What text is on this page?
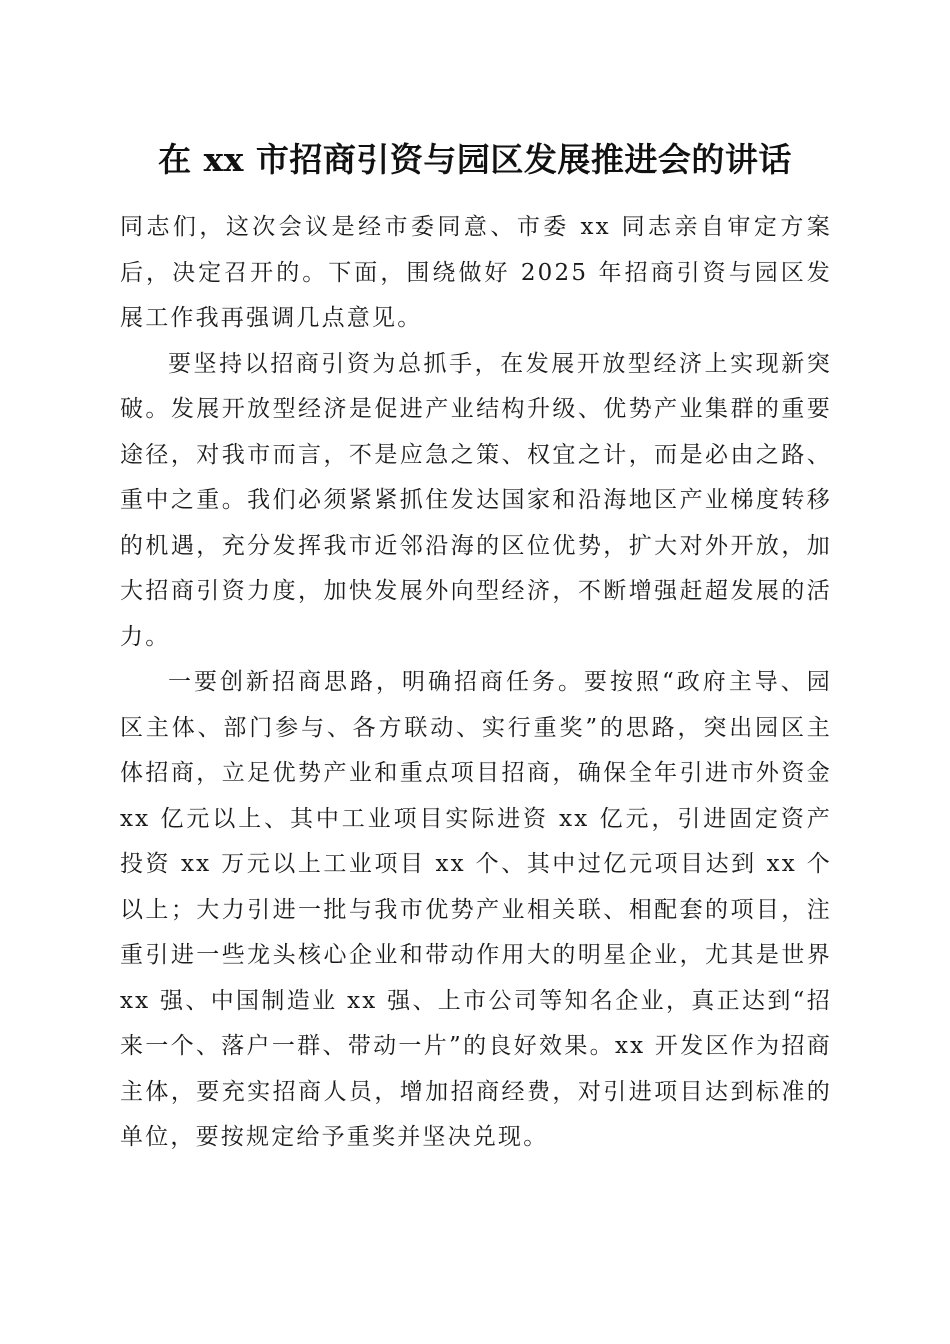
在 xx 市招商引资与园区发展推进会的讲话

同志们，这次会议是经市委同意、市委 xx 同志亲自审定方案后，决定召开的。下面，围绕做好 2025 年招商引资与园区发展工作我再强调几点意见。

要坚持以招商引资为总抓手，在发展开放型经济上实现新突破。发展开放型经济是促进产业结构升级、优势产业集群的重要途径，对我市而言，不是应急之策、权宜之计，而是必由之路、重中之重。我们必须紧紧抓住发达国家和沿海地区产业梯度转移的机遇，充分发挥我市近邻沿海的区位优势，扩大对外开放，加大招商引资力度，加快发展外向型经济，不断增强赶超发展的活力。

一要创新招商思路，明确招商任务。要按照“政府主导、园区主体、部门参与、各方联动、实行重奖”的思路，突出园区主体招商，立足优势产业和重点项目招商，确保全年引进市外资金 xx 亿元以上、其中工业项目实际进资 xx 亿元，引进固定资产投资 xx 万元以上工业项目 xx 个、其中过亿元项目达到 xx 个以上；大力引进一批与我市优势产业相关联、相配套的项目，注重引进一些龙头核心企业和带动作用大的明星企业，尤其是世界 xx 强、中国制造业 xx 强、上市公司等知名企业，真正达到“招来一个、落户一群、带动一片”的良好效果。xx 开发区作为招商主体，要充实招商人员，增加招商经费，对引进项目达到标准的单位，要按规定给予重奖并坚决兑现。
